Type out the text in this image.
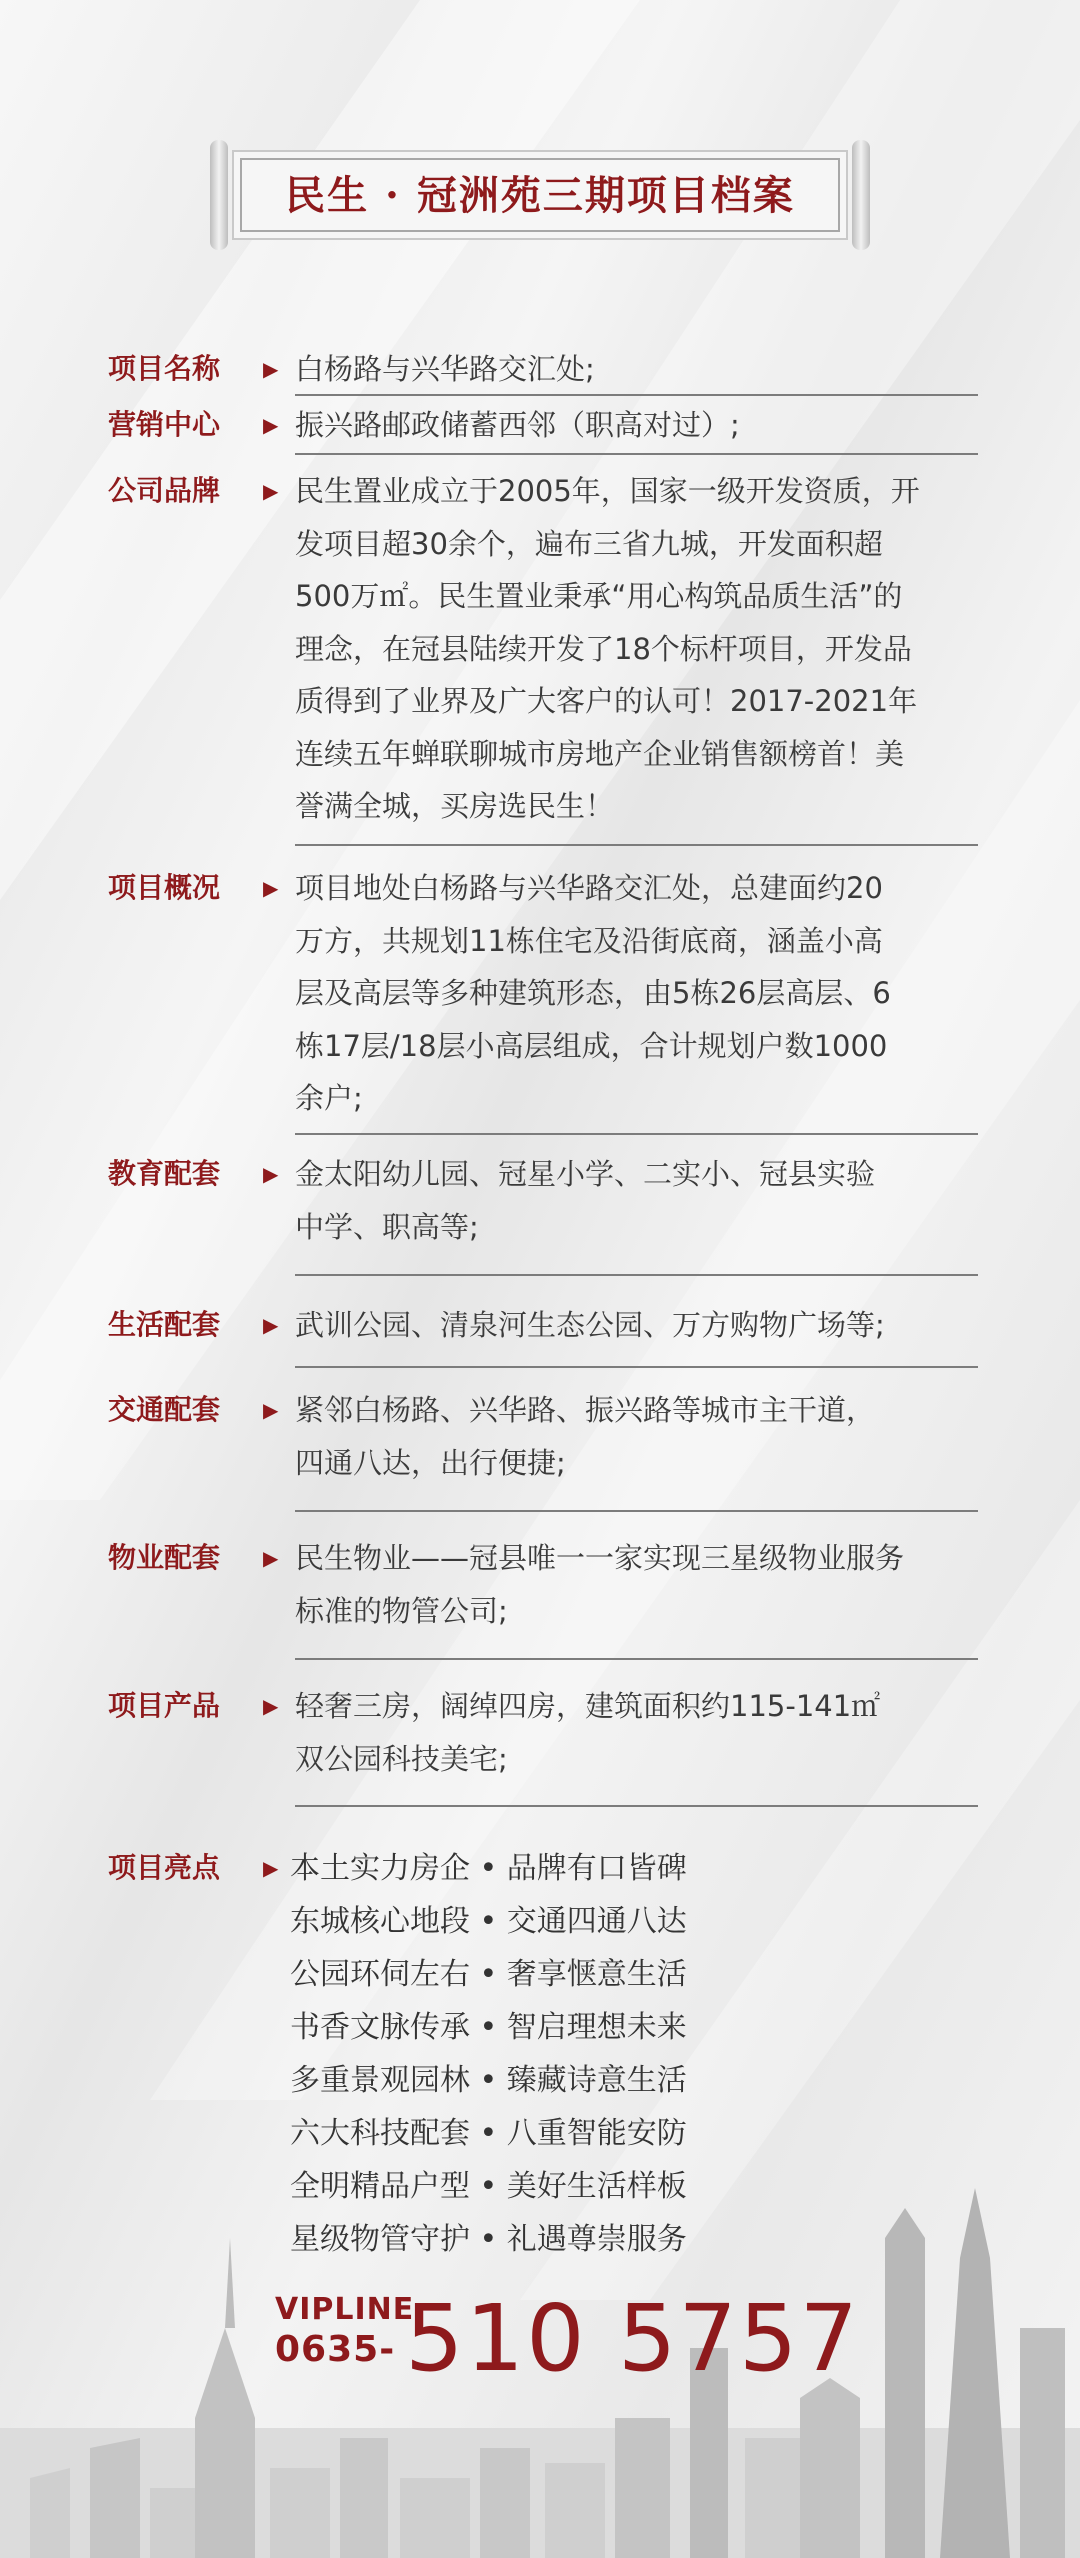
民生 · 冠洲苑三期项目档案
项目名称 ▶ 白杨路与兴华路交汇处;
营销中心 ▶ 振兴路邮政储蓄西邻（职高对过）;
公司品牌 ▶ 民生置业成立于2005年，国家一级开发资质，开
发项目超30余个，遍布三省九城，开发面积超
500万㎡。民生置业秉承“用心构筑品质生活”的
理念，在冠县陆续开发了18个标杆项目，开发品
质得到了业界及广大客户的认可！2017-2021年
连续五年蝉联聊城市房地产企业销售额榜首！美
誉满全城，买房选民生！
项目概况 ▶ 项目地处白杨路与兴华路交汇处，总建面约20
万方，共规划11栋住宅及沿街底商，涵盖小高
层及高层等多种建筑形态，由5栋26层高层、6
栋17层/18层小高层组成，合计规划户数1000
余户;
教育配套 ▶ 金太阳幼儿园、冠星小学、二实小、冠县实验
中学、职高等;
生活配套 ▶ 武训公园、清泉河生态公园、万方购物广场等;
交通配套 ▶ 紧邻白杨路、兴华路、振兴路等城市主干道，
四通八达，出行便捷;
物业配套 ▶ 民生物业——冠县唯一一家实现三星级物业服务
标准的物管公司;
项目产品 ▶ 轻奢三房，阔绰四房，建筑面积约115-141㎡
双公园科技美宅;
项目亮点 ▶ 本土实力房企 • 品牌有口皆碑
东城核心地段 • 交通四通八达
公园环伺左右 • 奢享惬意生活
书香文脉传承 • 智启理想未来
多重景观园林 • 臻藏诗意生活
六大科技配套 • 八重智能安防
全明精品户型 • 美好生活样板
星级物管守护 • 礼遇尊崇服务
VIPLINE
0635- 510 5757
